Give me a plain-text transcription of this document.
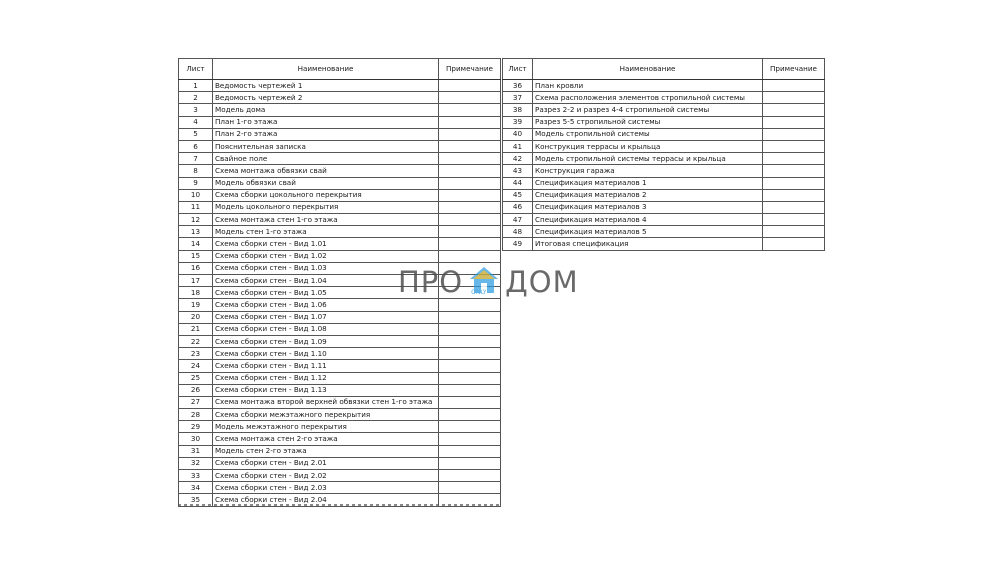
Лист	Наименование	Примечание
1	Ведомость чертежей 1	
2	Ведомость чертежей 2	
3	Модель дома	
4	План 1-го этажа	
5	План 2-го этажа	
6	Пояснительная записка	
7	Свайное поле	
8	Схема монтажа обвязки свай	
9	Модель обвязки свай	
10	Схема сборки цокольного перекрытия	
11	Модель цокольного перекрытия	
12	Схема монтажа стен 1-го этажа	
13	Модель стен 1-го этажа	
14	Схема сборки стен - Вид 1.01	
15	Схема сборки стен - Вид 1.02	
16	Схема сборки стен - Вид 1.03	
17	Схема сборки стен - Вид 1.04	
18	Схема сборки стен - Вид 1.05	
19	Схема сборки стен - Вид 1.06	
20	Схема сборки стен - Вид 1.07	
21	Схема сборки стен - Вид 1.08	
22	Схема сборки стен - Вид 1.09	
23	Схема сборки стен - Вид 1.10	
24	Схема сборки стен - Вид 1.11	
25	Схема сборки стен - Вид 1.12	
26	Схема сборки стен - Вид 1.13	
27	Схема монтажа второй верхней обвязки стен 1-го этажа	
28	Схема сборки межэтажного перекрытия	
29	Модель межэтажного перекрытия	
30	Схема монтажа стен 2-го этажа	
31	Модель стен 2-го этажа	
32	Схема сборки стен - Вид 2.01	
33	Схема сборки стен - Вид 2.02	
34	Схема сборки стен - Вид 2.03	
35	Схема сборки стен - Вид 2.04	
Лист	Наименование	Примечание
36	План кровли	
37	Схема расположения элементов стропильной системы	
38	Разрез 2-2 и разрез 4-4 стропильной системы	
39	Разрез 5-5 стропильной системы	
40	Модель стропильной системы	
41	Конструкция террасы и крыльца	
42	Модель стропильной системы террасы и крыльца	
43	Конструкция гаража	
44	Спецификация материалов 1	
45	Спецификация материалов 2	
46	Спецификация материалов 3	
47	Спецификация материалов 4	
48	Спецификация материалов 5	
49	Итоговая спецификация	
ПРО ONLY ДОМ
